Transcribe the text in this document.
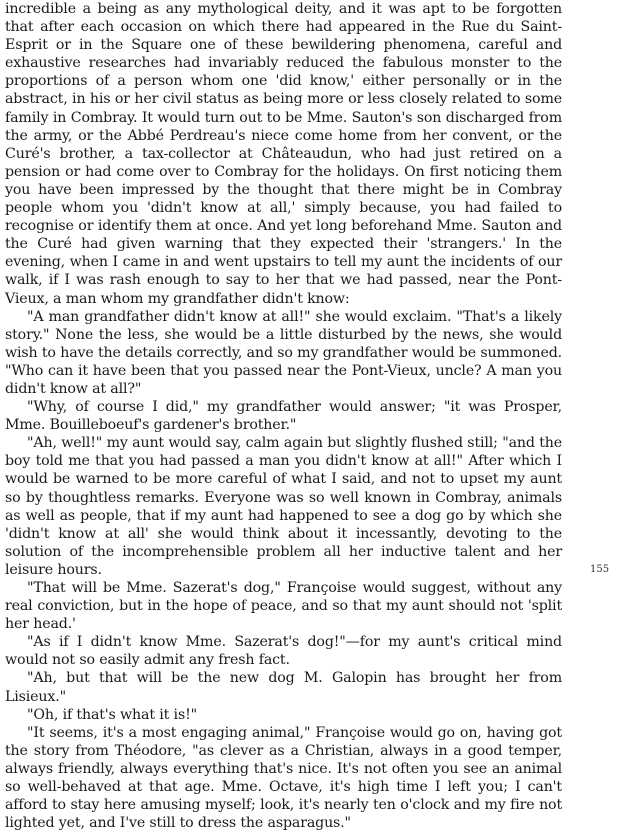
incredible a being as any mythological deity, and it was apt to be forgotten that after each occasion on which there had appeared in the Rue du Saint-Esprit or in the Square one of these bewildering phenomena, careful and exhaustive researches had invariably reduced the fabulous monster to the proportions of a person whom one 'did know,' either personally or in the abstract, in his or her civil status as being more or less closely related to some family in Combray. It would turn out to be Mme. Sauton's son discharged from the army, or the Abbé Perdreau's niece come home from her convent, or the Curé's brother, a tax-collector at Châteaudun, who had just retired on a pension or had come over to Combray for the holidays. On first noticing them you have been impressed by the thought that there might be in Combray people whom you 'didn't know at all,' simply because, you had failed to recognise or identify them at once. And yet long beforehand Mme. Sauton and the Curé had given warning that they expected their 'strangers.' In the evening, when I came in and went upstairs to tell my aunt the incidents of our walk, if I was rash enough to say to her that we had passed, near the Pont-Vieux, a man whom my grandfather didn't know:

"A man grandfather didn't know at all!" she would exclaim. "That's a likely story." None the less, she would be a little disturbed by the news, she would wish to have the details correctly, and so my grandfather would be summoned. "Who can it have been that you passed near the Pont-Vieux, uncle? A man you didn't know at all?"

"Why, of course I did," my grandfather would answer; "it was Prosper, Mme. Bouilleboeuf's gardener's brother."

"Ah, well!" my aunt would say, calm again but slightly flushed still; "and the boy told me that you had passed a man you didn't know at all!" After which I would be warned to be more careful of what I said, and not to upset my aunt so by thoughtless remarks. Everyone was so well known in Combray, animals as well as people, that if my aunt had happened to see a dog go by which she 'didn't know at all' she would think about it incessantly, devoting to the solution of the incomprehensible problem all her inductive talent and her leisure hours.

"That will be Mme. Sazerat's dog," Françoise would suggest, without any real conviction, but in the hope of peace, and so that my aunt should not 'split her head.'

"As if I didn't know Mme. Sazerat's dog!"—for my aunt's critical mind would not so easily admit any fresh fact.

"Ah, but that will be the new dog M. Galopin has brought her from Lisieux."

"Oh, if that's what it is!"

"It seems, it's a most engaging animal," Françoise would go on, having got the story from Théodore, "as clever as a Christian, always in a good temper, always friendly, always everything that's nice. It's not often you see an animal so well-behaved at that age. Mme. Octave, it's high time I left you; I can't afford to stay here amusing myself; look, it's nearly ten o'clock and my fire not lighted yet, and I've still to dress the asparagus."

155
